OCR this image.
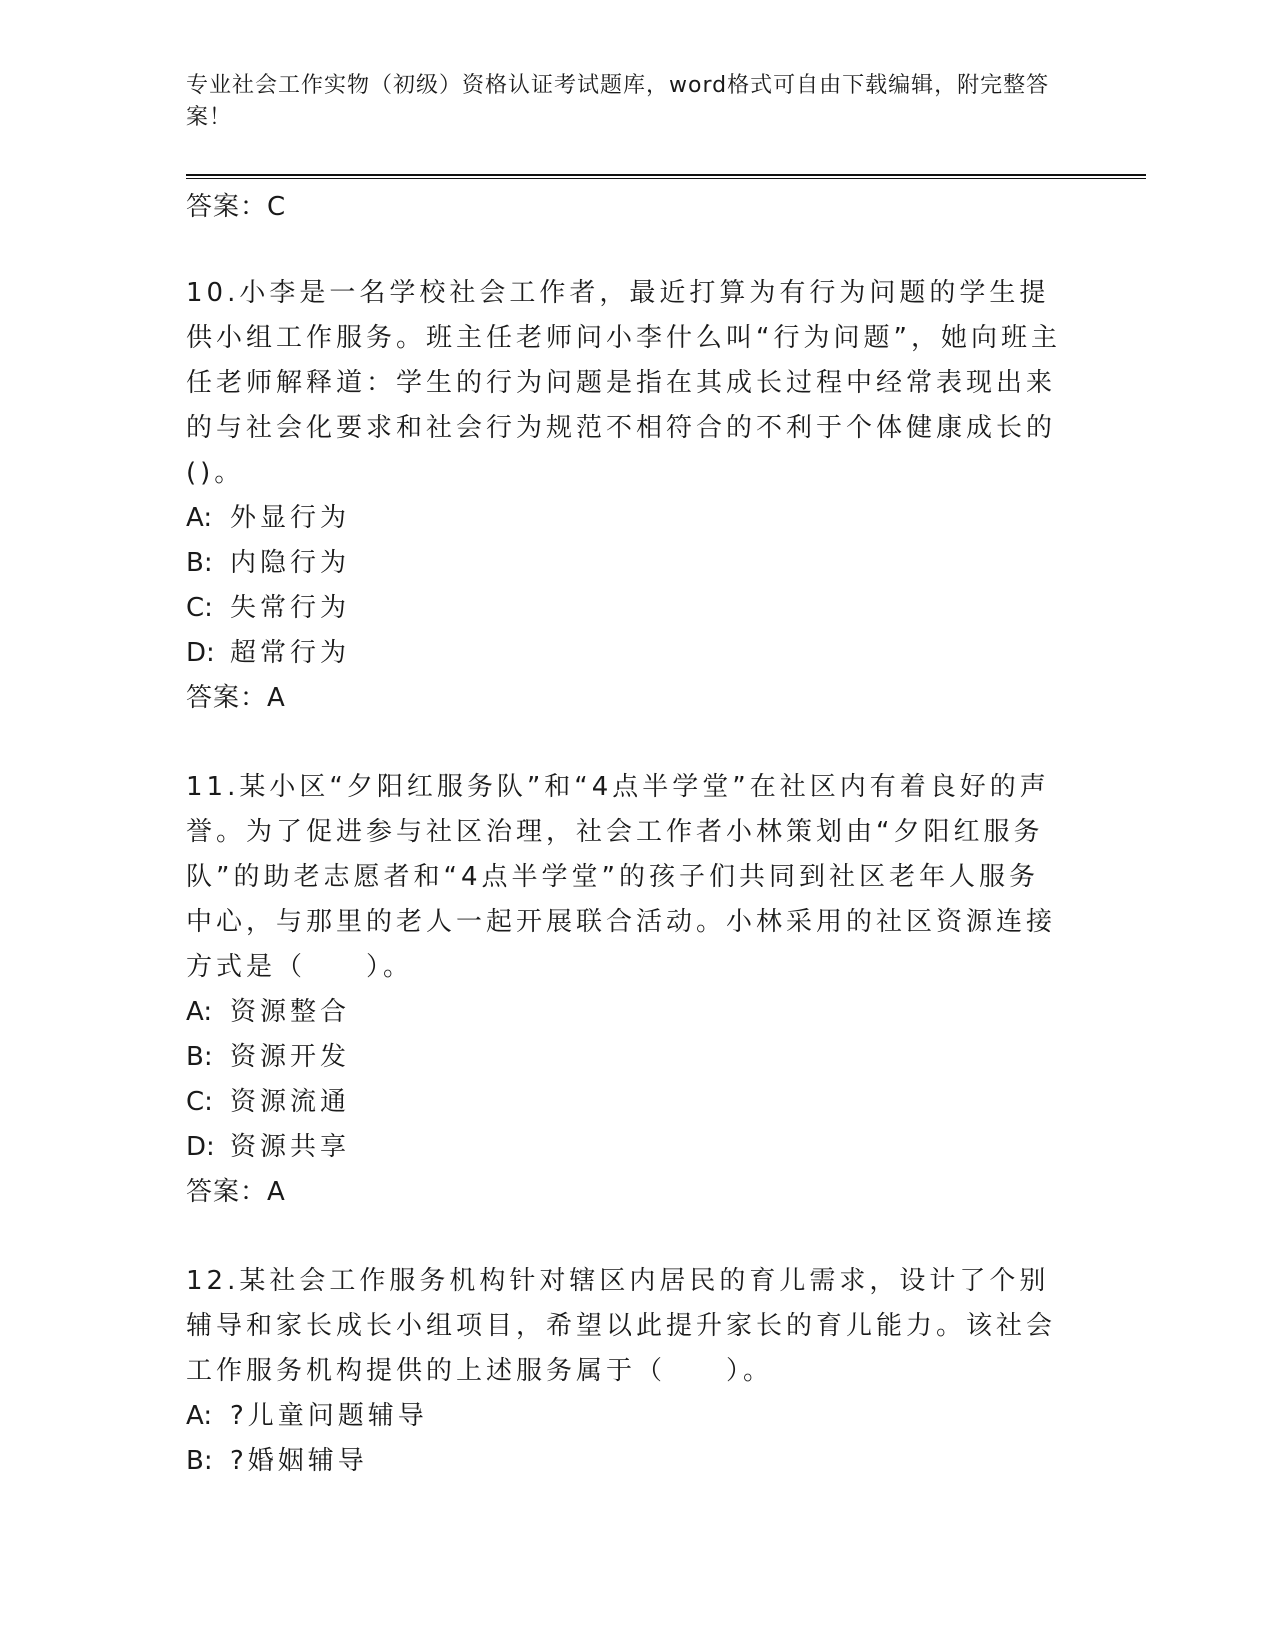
专业社会工作实物（初级）资格认证考试题库，word格式可自由下载编辑，附完整答案！

答案：C

10.小李是一名学校社会工作者，最近打算为有行为问题的学生提供小组工作服务。班主任老师问小李什么叫“行为问题”，她向班主任老师解释道：学生的行为问题是指在其成长过程中经常表现出来的与社会化要求和社会行为规范不相符合的不利于个体健康成长的()。

A: 外显行为
B: 内隐行为
C: 失常行为
D: 超常行为
答案：A

11.某小区“夕阳红服务队”和“4点半学堂”在社区内有着良好的声誉。为了促进参与社区治理，社会工作者小林策划由“夕阳红服务队”的助老志愿者和“4点半学堂”的孩子们共同到社区老年人服务中心，与那里的老人一起开展联合活动。小林采用的社区资源连接方式是（　　）。

A: 资源整合
B: 资源开发
C: 资源流通
D: 资源共享
答案：A

12.某社会工作服务机构针对辖区内居民的育儿需求，设计了个别辅导和家长成长小组项目，希望以此提升家长的育儿能力。该社会工作服务机构提供的上述服务属于（　　）。

A: ?儿童问题辅导
B: ?婚姻辅导
